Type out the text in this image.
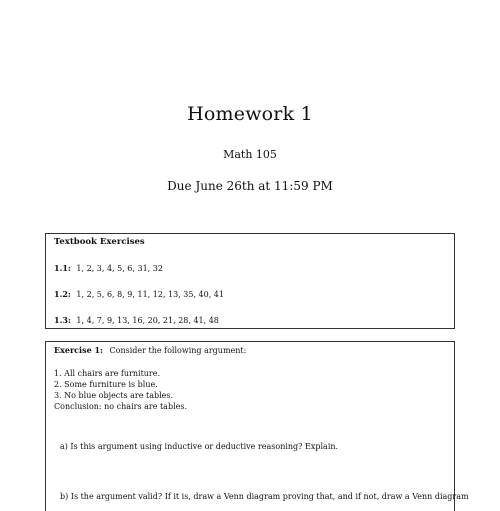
Homework 1
Math 105
Due June 26th at 11:59 PM
Textbook Exercises
1.1: 1, 2, 3, 4, 5, 6, 31, 32
1.2: 1, 2, 5, 6, 8, 9, 11, 12, 13, 35, 40, 41
1.3: 1, 4, 7, 9, 13, 16, 20, 21, 28, 41, 48
Exercise 1: Consider the following argument:
1. All chairs are furniture.
2. Some furniture is blue.
3. No blue objects are tables.
Conclusion: no chairs are tables.
a) Is this argument using inductive or deductive reasoning? Explain.
b) Is the argument valid? If it is, draw a Venn diagram proving that, and if not, draw a Venn diagram
